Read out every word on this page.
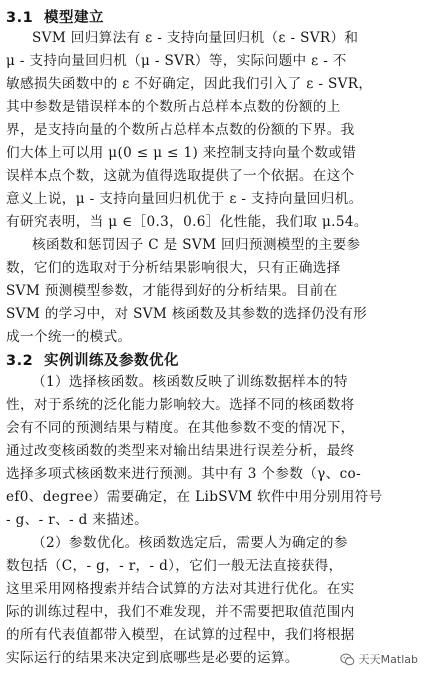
3.1 模型建立
SVM 回归算法有 ε - 支持向量回归机（ε - SVR）和
μ - 支持向量回归机（μ - SVR）等，实际问题中 ε - 不
敏感损失函数中的 ε 不好确定，因此我们引入了 ε - SVR，
其中参数是错误样本的个数所占总样本点数的份额的上
界，是支持向量的个数所占总样本点数的份额的下界。我
们大体上可以用 μ(0 ≤ μ ≤ 1) 来控制支持向量个数或错
误样本点个数，这就为值得选取提供了一个依据。在这个
意义上说，μ - 支持向量回归机优于 ε - 支持向量回归机。
有研究表明，当 μ ∈［0.3，0.6］化性能，我们取 μ.54。
核函数和惩罚因子 C 是 SVM 回归预测模型的主要参
数，它们的选取对于分析结果影响很大，只有正确选择
SVM 预测模型参数，才能得到好的分析结果。目前在
SVM 的学习中，对 SVM 核函数及其参数的选择仍没有形
成一个统一的模式。
3.2 实例训练及参数优化
（1）选择核函数。核函数反映了训练数据样本的特
性，对于系统的泛化能力影响较大。选择不同的核函数将
会有不同的预测结果与精度。在其他参数不变的情况下，
通过改变核函数的类型来对输出结果进行误差分析，最终
选择多项式核函数来进行预测。其中有 3 个参数（γ、co-
ef0、degree）需要确定，在 LibSVM 软件中用分别用符号
- g、- r、- d 来描述。
（2）参数优化。核函数选定后，需要人为确定的参
数包括（C，- g，- r，- d），它们一般无法直接获得，
这里采用网格搜索并结合试算的方法对其进行优化。在实
际的训练过程中，我们不难发现，并不需要把取值范围内
的所有代表值都带入模型，在试算的过程中，我们将根据
实际运行的结果来决定到底哪些是必要的运算。	天天Matlab
